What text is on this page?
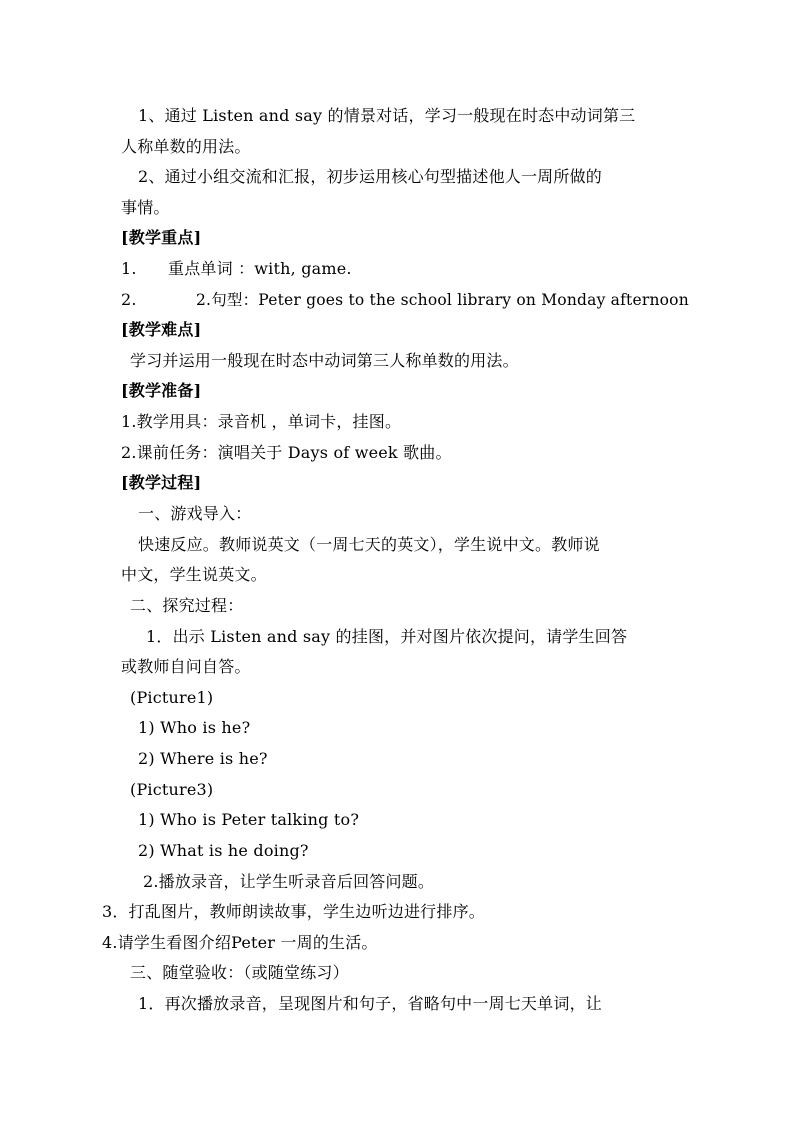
1、通过 Listen and say 的情景对话，学习一般现在时态中动词第三
人称单数的用法。
2、通过小组交流和汇报，初步运用核心句型描述他人一周所做的
事情。
[教学重点]
1. 重点单词 ：with, game.
2.	2.句型：Peter goes to the school library on Monday afternoon
[教学难点]
学习并运用一般现在时态中动词第三人称单数的用法。
[教学准备]
1.教学用具：录音机 ，单词卡，挂图。
2.课前任务：演唱关于 Days of week 歌曲。
[教学过程]
一、游戏导入：
快速反应。教师说英文（一周七天的英文），学生说中文。教师说
中文，学生说英文。
二、探究过程：
1．出示 Listen and say 的挂图，并对图片依次提问，请学生回答
或教师自问自答。
(Picture1)
1) Who is he?
2) Where is he?
(Picture3)
1) Who is Peter talking to?
2) What is he doing?
2.播放录音，让学生听录音后回答问题。
3．打乱图片，教师朗读故事，学生边听边进行排序。
4.请学生看图介绍Peter 一周的生活。
三、随堂验收：（或随堂练习）
1．再次播放录音，呈现图片和句子，省略句中一周七天单词，让
